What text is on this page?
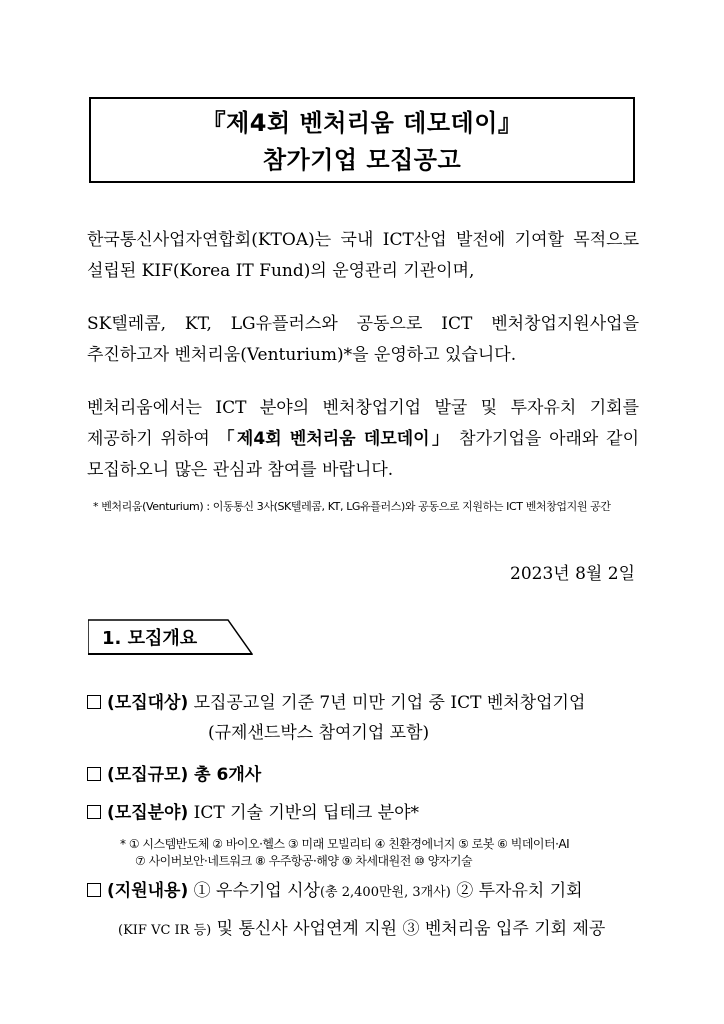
『제4회 벤처리움 데모데이』
참가기업 모집공고
한국통신사업자연합회(KTOA)는 국내 ICT산업 발전에 기여할 목적으로
설립된 KIF(Korea IT Fund)의 운영관리 기관이며,
SK텔레콤, KT, LG유플러스와 공동으로 ICT 벤처창업지원사업을
추진하고자 벤처리움(Venturium)*을 운영하고 있습니다.
벤처리움에서는 ICT 분야의 벤처창업기업 발굴 및 투자유치 기회를
제공하기 위하여 「제4회 벤처리움 데모데이」 참가기업을 아래와 같이
모집하오니 많은 관심과 참여를 바랍니다.
* 벤처리움(Venturium) : 이동통신 3사(SK텔레콤, KT, LG유플러스)와 공동으로 지원하는 ICT 벤처창업지원 공간
2023년 8월 2일
1. 모집개요
(모집대상) 모집공고일 기준 7년 미만 기업 중 ICT 벤처창업기업
(규제샌드박스 참여기업 포함)
(모집규모) 총 6개사
(모집분야) ICT 기술 기반의 딥테크 분야*
* ① 시스템반도체 ② 바이오·헬스 ③ 미래 모빌리티 ④ 친환경에너지 ⑤ 로봇 ⑥ 빅데이터·AI
⑦ 사이버보안·네트워크 ⑧ 우주항공·해양 ⑨ 차세대원전 ⑩ 양자기술
(지원내용) ① 우수기업 시상(총 2,400만원, 3개사) ② 투자유치 기회
(KIF VC IR 등) 및 통신사 사업연계 지원 ③ 벤처리움 입주 기회 제공
